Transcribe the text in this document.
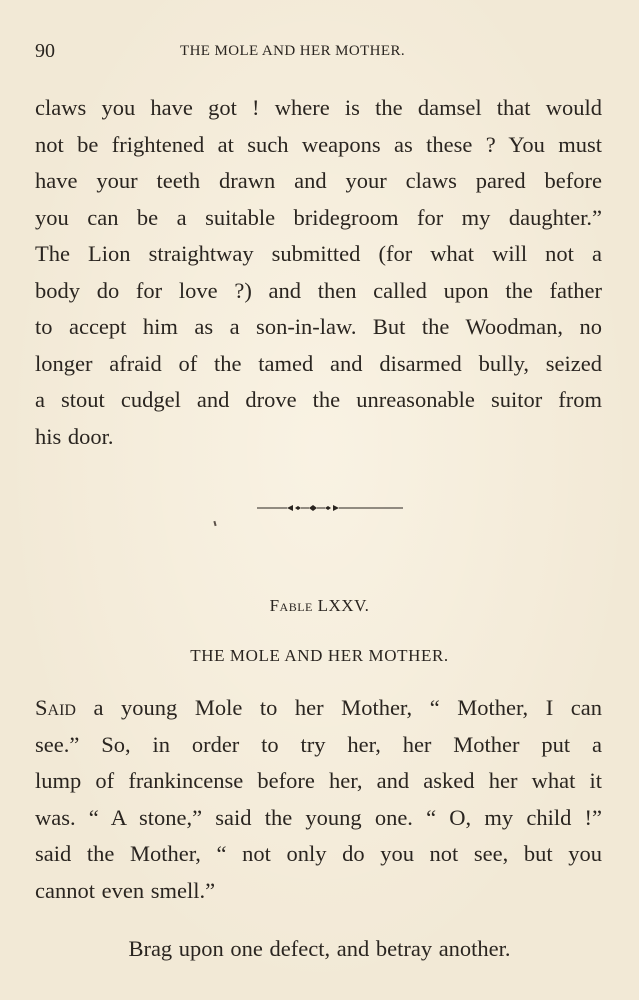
90	THE MOLE AND HER MOTHER.
claws you have got ! where is the damsel that would
not be frightened at such weapons as these ? You must
have your teeth drawn and your claws pared before
you can be a suitable bridegroom for my daughter.”
The Lion straightway submitted (for what will not a
body do for love ?) and then called upon the father
to accept him as a son-in-law. But the Woodman, no
longer afraid of the tamed and disarmed bully, seized
a stout cudgel and drove the unreasonable suitor from
his door.
Fable LXXV.
THE MOLE AND HER MOTHER.
Said a young Mole to her Mother, “ Mother, I can
see.” So, in order to try her, her Mother put a
lump of frankincense before her, and asked her what it
was. “ A stone,” said the young one. “ O, my child !”
said the Mother, “ not only do you not see, but you
cannot even smell.”
Brag upon one defect, and betray another.
